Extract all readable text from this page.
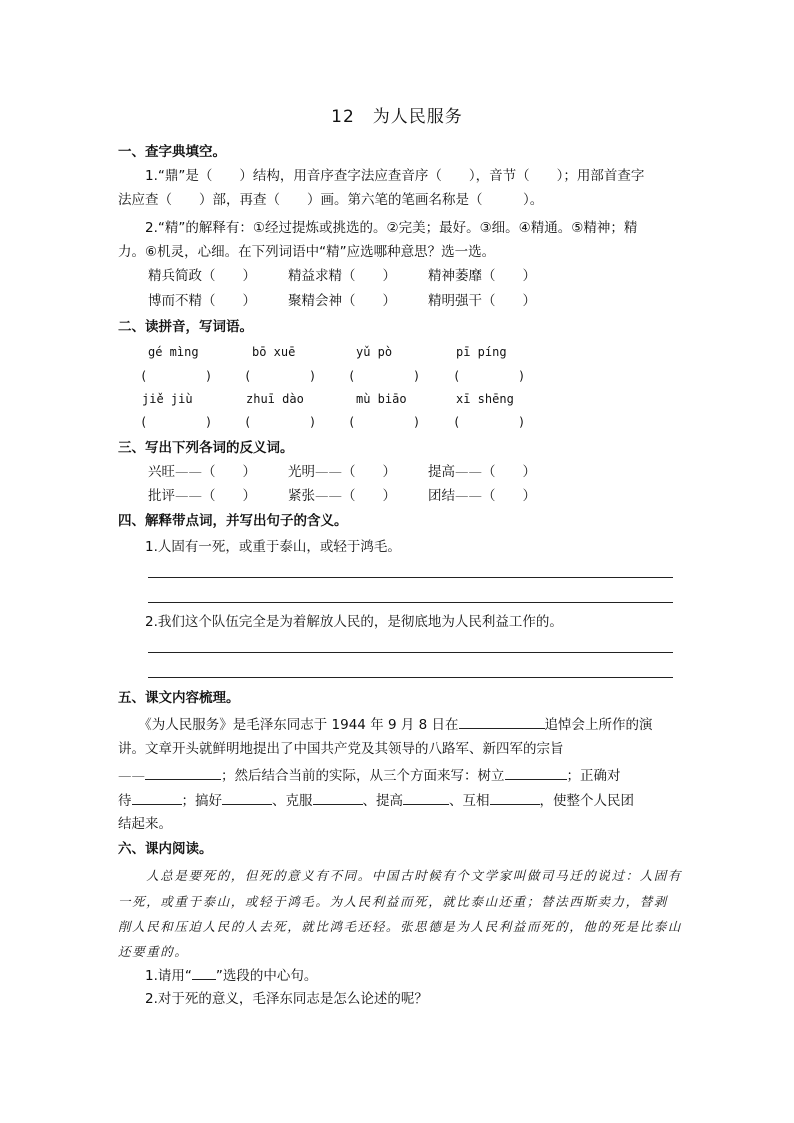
12　为人民服务
一、查字典填空。
　　1.“鼎”是（　　）结构，用音序查字法应查音序（　　），音节（　　）；用部首查字
法应查（　　）部，再查（　　）画。第六笔的笔画名称是（　　　）。
　　2.“精”的解释有：①经过提炼或挑选的。②完美；最好。③细。④精通。⑤精神；精
力。⑥机灵，心细。在下列词语中“精”应选哪种意思？选一选。
精兵简政（　　） 精益求精（　　） 精神萎靡（　　）
博而不精（　　） 聚精会神（　　） 精明强干（　　）
二、读拼音，写词语。
gé mìng	bō xuē	yǔ pò	pī píng
(        )	(        )	(        )	(        )
jiě jiù	zhuī dào	mù biāo	xī shēng
(        )	(        )	(        )	(        )
三、写出下列各词的反义词。
兴旺——（　　） 光明——（　　） 提高——（　　）
批评——（　　） 紧张——（　　） 团结——（　　）
四、解释带点词，并写出句子的含义。
　　1.人固有一死，或重于泰山，或轻于鸿毛。
　　2.我们这个队伍完全是为着解放人民的，是彻底地为人民利益工作的。
五、课文内容梳理。
　　《为人民服务》是毛泽东同志于 1944 年 9 月 8 日在	追悼会上所作的演
讲。文章开头就鲜明地提出了中国共产党及其领导的八路军、新四军的宗旨
——	；然后结合当前的实际，从三个方面来写：树立	；正确对
待	；搞好	、克服	、提高	、互相	，使整个人民团
结起来。
六、课内阅读。
　　人总是要死的，但死的意义有不同。中国古时候有个文学家叫做司马迁的说过：人固有
一死，或重于泰山，或轻于鸿毛。为人民利益而死，就比泰山还重；替法西斯卖力，替剥
削人民和压迫人民的人去死，就比鸿毛还轻。张思德是为人民利益而死的，他的死是比泰山
还要重的。
　　1.请用“ ”选段的中心句。
　　2.对于死的意义，毛泽东同志是怎么论述的呢？
